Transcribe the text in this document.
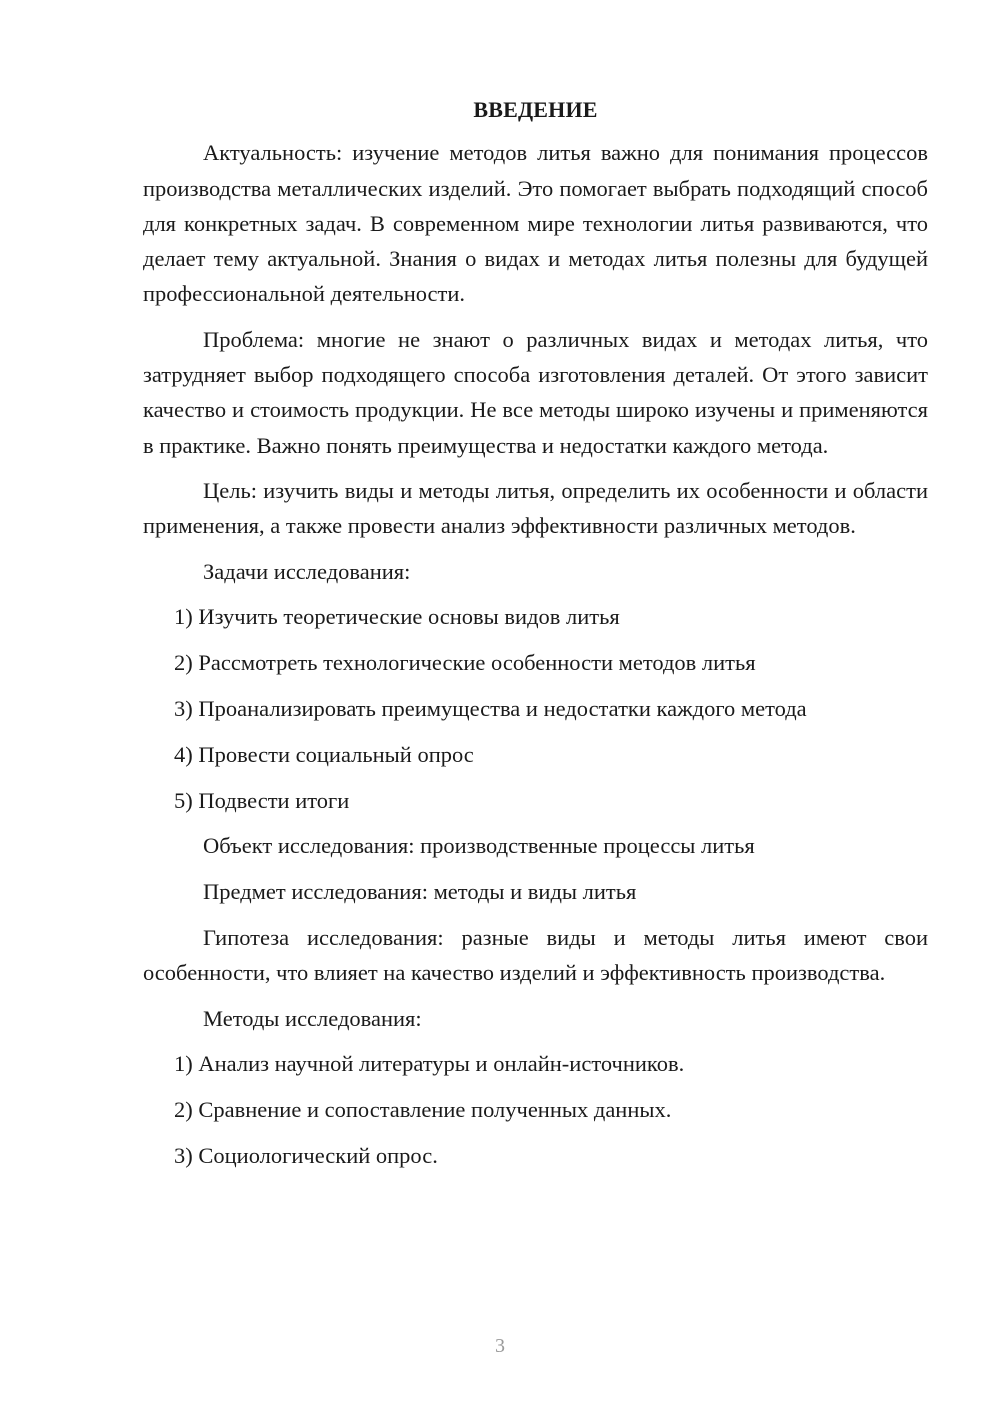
ВВЕДЕНИЕ

Актуальность: изучение методов литья важно для понимания процессов производства металлических изделий. Это помогает выбрать подходящий способ для конкретных задач. В современном мире технологии литья развиваются, что делает тему актуальной. Знания о видах и методах литья полезны для будущей профессиональной деятельности.

Проблема: многие не знают о различных видах и методах литья, что затрудняет выбор подходящего способа изготовления деталей. От этого зависит качество и стоимость продукции. Не все методы широко изучены и применяются в практике. Важно понять преимущества и недостатки каждого метода.

Цель: изучить виды и методы литья, определить их особенности и области применения, а также провести анализ эффективности различных методов.

Задачи исследования:

1) Изучить теоретические основы видов литья

2) Рассмотреть технологические особенности методов литья

3) Проанализировать преимущества и недостатки каждого метода

4) Провести социальный опрос

5) Подвести итоги

Объект исследования: производственные процессы литья

Предмет исследования: методы и виды литья

Гипотеза исследования: разные виды и методы литья имеют свои особенности, что влияет на качество изделий и эффективность производства.

Методы исследования:

1) Анализ научной литературы и онлайн-источников.

2) Сравнение и сопоставление полученных данных.

3) Социологический опрос.

3
